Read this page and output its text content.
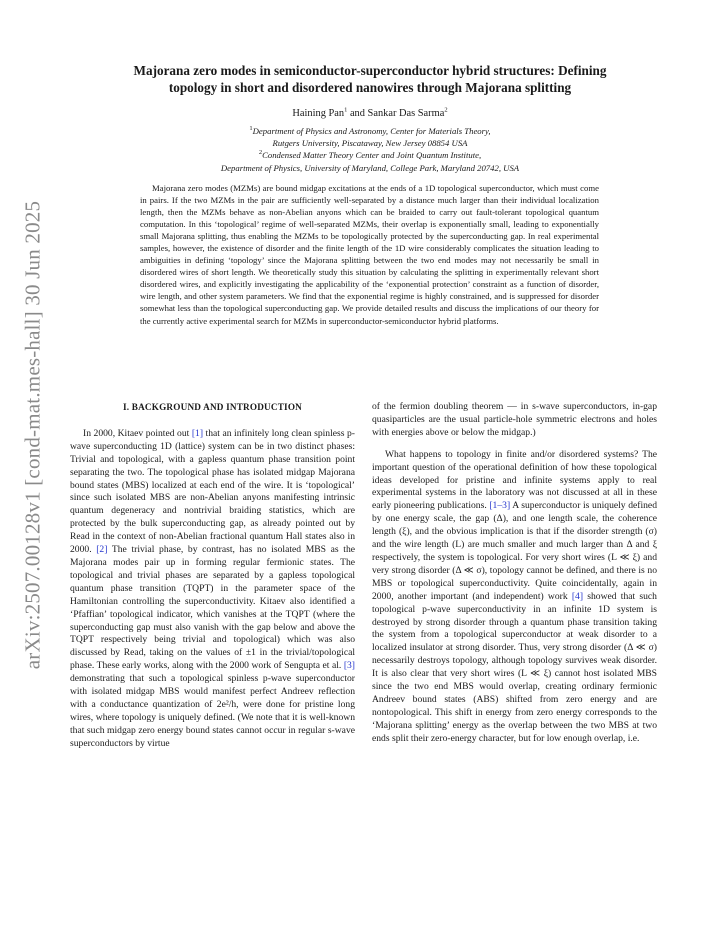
arXiv:2507.00128v1 [cond-mat.mes-hall] 30 Jun 2025
Majorana zero modes in semiconductor-superconductor hybrid structures: Defining
topology in short and disordered nanowires through Majorana splitting
Haining Pan$^1$ and Sankar Das Sarma$^2$
$^1$Department of Physics and Astronomy, Center for Materials Theory,
Rutgers University, Piscataway, New Jersey 08854 USA
$^2$Condensed Matter Theory Center and Joint Quantum Institute,
Department of Physics, University of Maryland, College Park, Maryland 20742, USA
Majorana zero modes (MZMs) are bound midgap excitations at the ends of a 1D topological superconductor, which must come in pairs. If the two MZMs in the pair are sufficiently well-separated by a distance much larger than their individual localization length, then the MZMs behave as non-Abelian anyons which can be braided to carry out fault-tolerant topological quantum computation. In this ‘topological’ regime of well-separated MZMs, their overlap is exponentially small, leading to exponentially small Majorana splitting, thus enabling the MZMs to be topologically protected by the superconducting gap. In real experimental samples, however, the existence of disorder and the finite length of the 1D wire considerably complicates the situation leading to ambiguities in defining ‘topology’ since the Majorana splitting between the two end modes may not necessarily be small in disordered wires of short length. We theoretically study this situation by calculating the splitting in experimentally relevant short disordered wires, and explicitly investigating the applicability of the ‘exponential protection’ constraint as a function of disorder, wire length, and other system parameters. We find that the exponential regime is highly constrained, and is suppressed for disorder somewhat less than the topological superconducting gap. We provide detailed results and discuss the implications of our theory for the currently active experimental search for MZMs in superconductor-semiconductor hybrid platforms.
I. BACKGROUND AND INTRODUCTION

In 2000, Kitaev pointed out [1] that an infinitely long clean spinless p-wave superconducting 1D (lattice) system can be in two distinct phases: Trivial and topological, with a gapless quantum phase transition point separating the two. The topological phase has isolated midgap Majorana bound states (MBS) localized at each end of the wire. It is ‘topological’ since such isolated MBS are non-Abelian anyons manifesting intrinsic quantum degeneracy and nontrivial braiding statistics, which are protected by the bulk superconducting gap, as already pointed out by Read in the context of non-Abelian fractional quantum Hall states also in 2000. [2] The trivial phase, by contrast, has no isolated MBS as the Majorana modes pair up in forming regular fermionic states. The topological and trivial phases are separated by a gapless topological quantum phase transition (TQPT) in the parameter space of the Hamiltonian controlling the superconductivity. Kitaev also identified a ‘Pfaffian’ topological indicator, which vanishes at the TQPT (where the superconducting gap must also vanish with the gap below and above the TQPT respectively being trivial and topological) which was also discussed by Read, taking on the values of ±1 in the trivial/topological phase. These early works, along with the 2000 work of Sengupta et al. [3] demonstrating that such a topological spinless p-wave superconductor with isolated midgap MBS would manifest perfect Andreev reflection with a conductance quantization of 2e²/h, were done for pristine long wires, where topology is uniquely defined. (We note that it is well-known that such midgap zero energy bound states cannot occur in regular s-wave superconductors by virtue

of the fermion doubling theorem — in s-wave superconductors, in-gap quasiparticles are the usual particle-hole symmetric electrons and holes with energies above or below the midgap.)

What happens to topology in finite and/or disordered systems? The important question of the operational definition of how these topological ideas developed for pristine and infinite systems apply to real experimental systems in the laboratory was not discussed at all in these early pioneering publications. [1–3] A superconductor is uniquely defined by one energy scale, the gap (Δ), and one length scale, the coherence length (ξ), and the obvious implication is that if the disorder strength (σ) and the wire length (L) are much smaller and much larger than Δ and ξ respectively, the system is topological. For very short wires (L ≪ ξ) and very strong disorder (Δ ≪ σ), topology cannot be defined, and there is no MBS or topological superconductivity. Quite coincidentally, again in 2000, another important (and independent) work [4] showed that such topological p-wave superconductivity in an infinite 1D system is destroyed by strong disorder through a quantum phase transition taking the system from a topological superconductor at weak disorder to a localized insulator at strong disorder. Thus, very strong disorder (Δ ≪ σ) necessarily destroys topology, although topology survives weak disorder. It is also clear that very short wires (L ≪ ξ) cannot host isolated MBS since the two end MBS would overlap, creating ordinary fermionic Andreev bound states (ABS) shifted from zero energy and are nontopological. This shift in energy from zero energy corresponds to the ‘Majorana splitting’ energy as the overlap between the two MBS at two ends split their zero-energy character, but for low enough overlap, i.e.
